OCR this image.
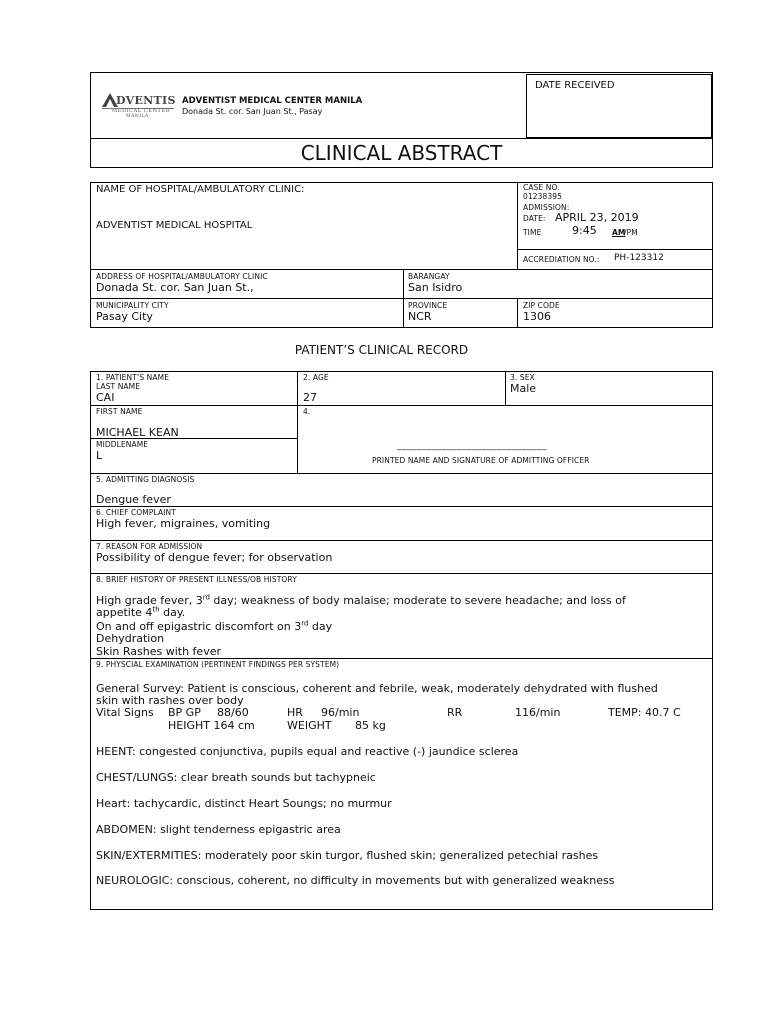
DATE RECEIVED
DVENTIS
MEDICAL CENTER
MANILA
ADVENTIST MEDICAL CENTER MANILA
Donada St. cor. San Juan St., Pasay
CLINICAL ABSTRACT
NAME OF HOSPITAL/AMBULATORY CLINIC:
ADVENTIST MEDICAL HOSPITAL
CASE NO.
01238395
ADMISSION:
DATE: APRIL 23, 2019
TIME	9:45 AM
/PM
ACCREDIATION NO.: PH-123312
ADDRESS OF HOSPITAL/AMBULATORY CLINIC
Donada St. cor. San Juan St.,
BARANGAY
San Isidro
MUNICIPALITY CITY
Pasay City
PROVINCE
NCR
ZIP CODE
1306
PATIENT’S CLINICAL RECORD
1. PATIENT’S NAME
LAST NAME
CAI
2. AGE
27
3. SEX
Male
FIRST NAME
MICHAEL KEAN
4.
MIDDLENAME
L
______________________________
PRINTED NAME AND SIGNATURE OF ADMITTING OFFICER
5. ADMITTING DIAGNOSIS
Dengue fever
6. CHIEF COMPLAINT
High fever, migraines, vomiting
7. REASON FOR ADMISSION
Possibility of dengue fever; for observation
8. BRIEF HISTORY OF PRESENT ILLNESS/OB HISTORY
High grade fever, 3rd day; weakness of body malaise; moderate to severe headache; and loss of
appetite 4th day.
On and off epigastric discomfort on 3rd day
Dehydration
Skin Rashes with fever
9. PHYSCIAL EXAMINATION (PERTINENT FINDINGS PER SYSTEM)
General Survey: Patient is conscious, coherent and febrile, weak, moderately dehydrated with flushed
skin with rashes over body
Vital Signs BP GP 88/60	HR 96/min	RR	116/min	TEMP: 40.7 C
HEIGHT 164 cm	WEIGHT 85 kg
HEENT: congested conjunctiva, pupils equal and reactive (-) jaundice sclerea
CHEST/LUNGS: clear breath sounds but tachypneic
Heart: tachycardic, distinct Heart Soungs; no murmur
ABDOMEN: slight tenderness epigastric area
SKIN/EXTERMITIES: moderately poor skin turgor, flushed skin; generalized petechial rashes
NEUROLOGIC: conscious, coherent, no difficulty in movements but with generalized weakness
